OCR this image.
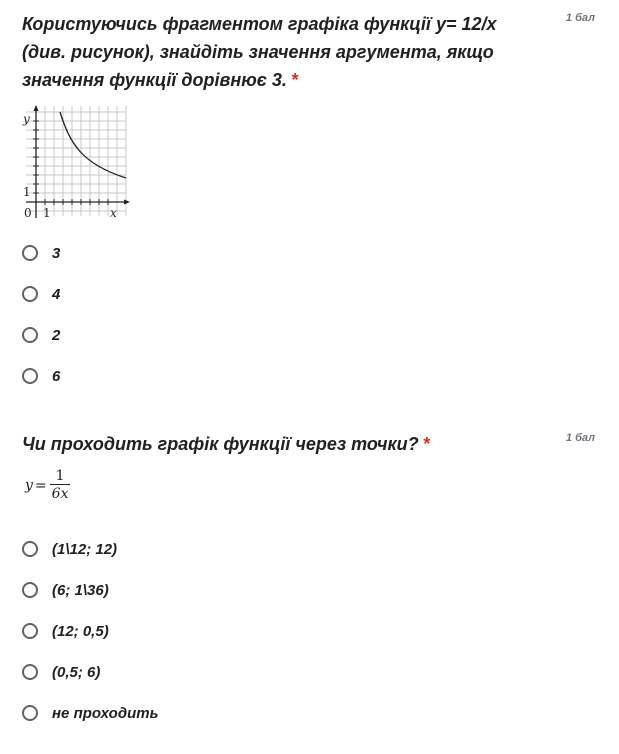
Користуючись фрагментом графіка функції y= 12/x (див. рисунок), знайдіть значення аргумента, якщо значення функції дорівнює 3. *

1 бал
y
x
0 1
1
3
4
2
6

Чи проходить графік функції через точки? *	1 бал
$y = \frac{1}{6x}$
(1\12; 12)
(6; 1\36)
(12; 0,5)
(0,5; 6)
не проходить
